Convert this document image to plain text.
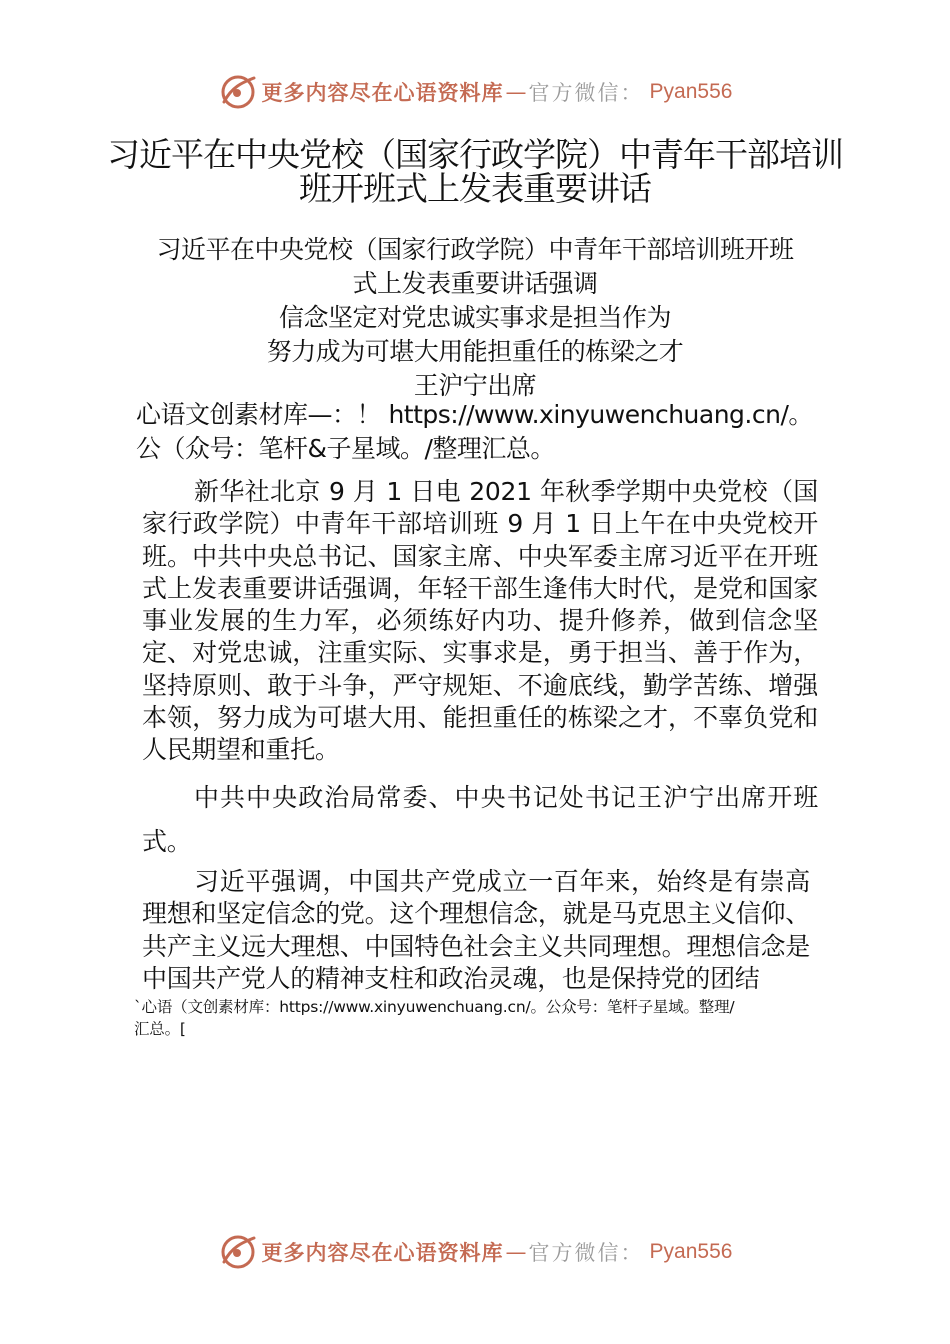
更多内容尽在心语资料库 — 官方微信： Pyan556
习近平在中央党校（国家行政学院）中青年干部培训班开班式上发表重要讲话
习近平在中央党校（国家行政学院）中青年干部培训班开班
式上发表重要讲话强调
信念坚定对党忠诚实事求是担当作为
努力成为可堪大用能担重任的栋梁之才
王沪宁出席
心语文创素材库—：！ https://www.xinyuwenchuang.cn/。
公（众号：笔杆&子星域。/整理汇总。

新华社北京 9 月 1 日电 2021 年秋季学期中央党校（国家行政学院）中青年干部培训班 9 月 1 日上午在中央党校开班。中共中央总书记、国家主席、中央军委主席习近平在开班式上发表重要讲话强调，年轻干部生逢伟大时代，是党和国家事业发展的生力军，必须练好内功、提升修养，做到信念坚定、对党忠诚，注重实际、实事求是，勇于担当、善于作为，坚持原则、敢于斗争，严守规矩、不逾底线，勤学苦练、增强本领，努力成为可堪大用、能担重任的栋梁之才，不辜负党和人民期望和重托。

中共中央政治局常委、中央书记处书记王沪宁出席开班式。

习近平强调，中国共产党成立一百年来，始终是有崇高理想和坚定信念的党。这个理想信念，就是马克思主义信仰、共产主义远大理想、中国特色社会主义共同理想。理想信念是中国共产党人的精神支柱和政治灵魂，也是保持党的团结

`心语（文创素材库：https://www.xinyuwenchuang.cn/。公众号：笔杆子星域。整理/
汇总。[
更多内容尽在心语资料库 — 官方微信： Pyan556
